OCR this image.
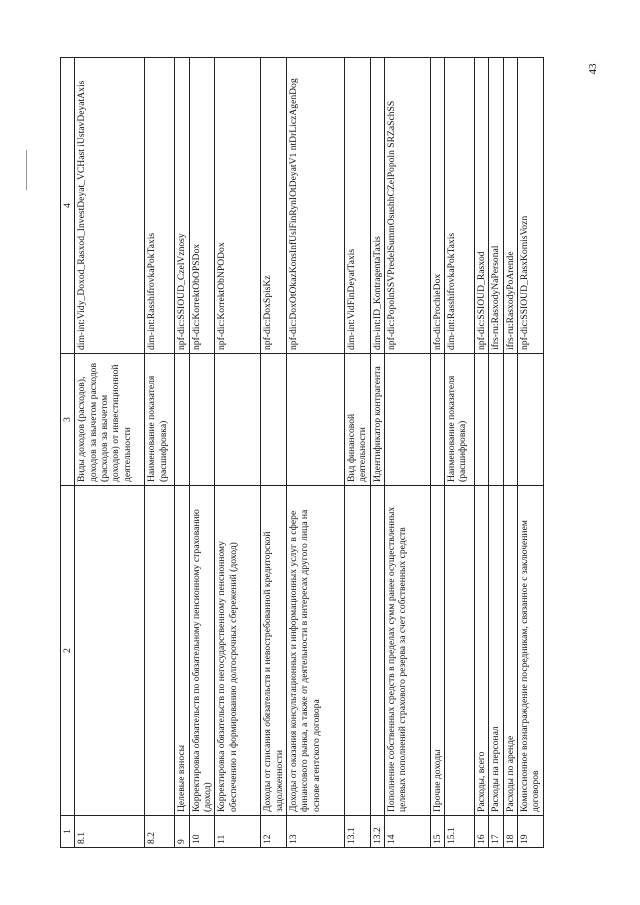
43
1	2	3	4
8.1		Виды доходов (расходов), доходов за вычетом расходов (расходов за вычетом доходов) от инвестиционной деятельности	dim-int:Vidy_Doxod_Rasxod_InvestDeyat_VCHast iUstavDeyatAxis
8.2		Наименование показателя (расшифровка)	dim-int:RasshifrovkaPokTaxis
9	Целевые взносы		npf-dic:SSIOUD_CzelVznosy
10	Корректировка обязательств по обязательному пенсионному страхованию (доход)		npf-dic:KorrektObOPSDox
11	Корректировка обязательств по негосударственному пенсионному обеспечению и формированию долгосрочных сбережений (доход)		npf-dic:KorrektObNPODox
12	Доходы от списания обязательств и невостребованной кредиторской задолженности		npf-dic:DoxSpisKz
13	Доходы от оказания консультационных и информационных услуг в сфере финансового рынка, а также от деятельности в интересах другого лица на основе агентского договора		npf-dic:DoxOtOkazKonsInfUslFinRynIOtDeyatV1 ntDrLiczAgenDog
13.1		Вид финансовой деятельности	dim-int:VidFinDeyatTaxis
13.2		Идентификатор контрагента	dim-int:ID_KontragentaTaxis
14	Пополнение собственных средств в пределах сумм ранее осуществленных целевых пополнений страхового резерва за счет собственных средств		npf-dic:PopolnSSVPredelSummOsushhCZelPopoln SRZaSchSS
15	Прочие доходы		nfo-dic:ProchieDox
15.1		Наименование показателя (расшифровка)	dim-int:RasshifrovkaPokTaxis
16	Расходы, всего		npf-dic:SSIOUD_Rasxod
17	Расходы на персонал		ifrs-ru:RasxodyNaPersonal
18	Расходы по аренде		ifrs-ru:RasxodyPoArende
19	Комиссионное вознаграждение посредникам, связанное с заключением договоров		npf-dic:SSIOUD_RasxKomisVozn
